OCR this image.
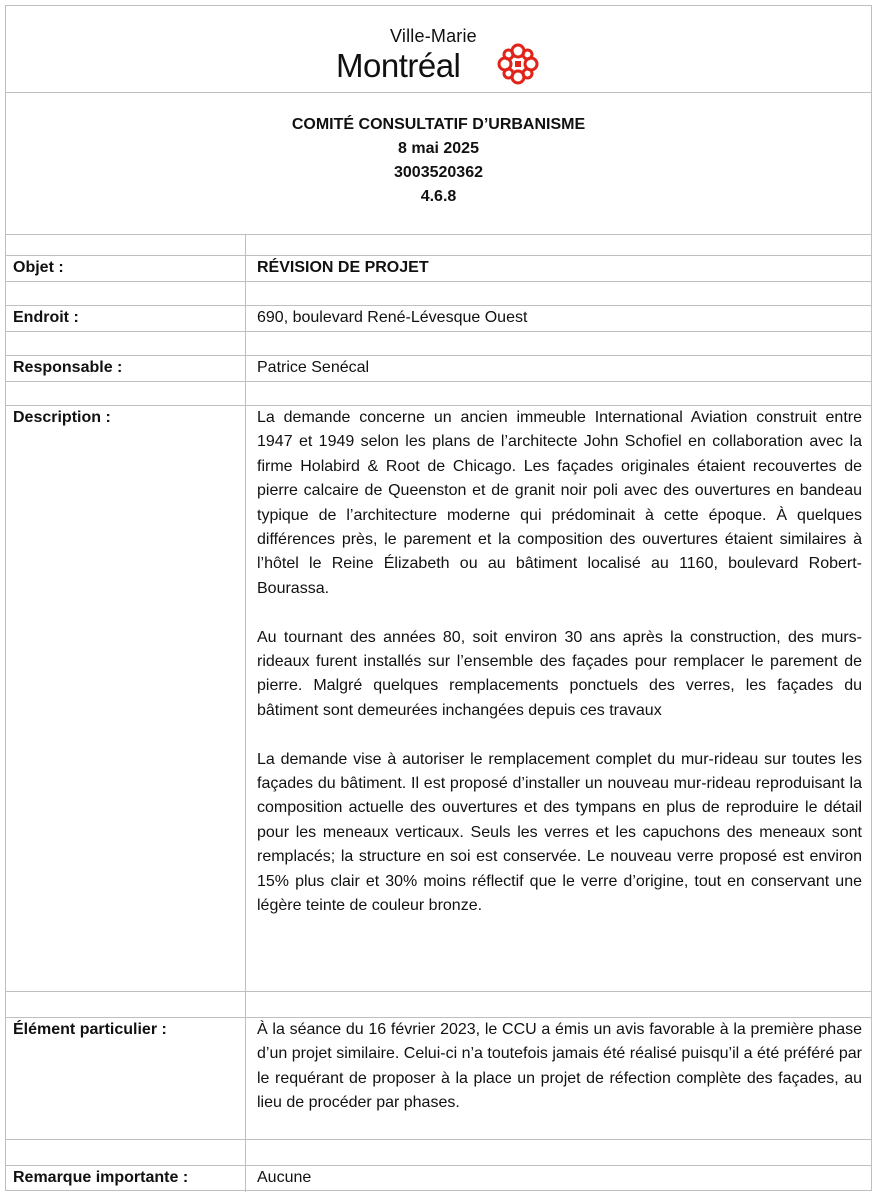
Ville-Marie
Montréal
COMITÉ CONSULTATIF D’URBANISME
8 mai 2025
3003520362
4.6.8
Objet :	RÉVISION DE PROJET
Endroit :	690, boulevard René-Lévesque Ouest
Responsable :	Patrice Senécal
Description :	La demande concerne un ancien immeuble International Aviation construit entre 1947 et 1949 selon les plans de l’architecte John Schofiel en collaboration avec la firme Holabird & Root de Chicago. Les façades originales étaient recouvertes de pierre calcaire de Queenston et de granit noir poli avec des ouvertures en bandeau typique de l’architecture moderne qui prédominait à cette époque. À quelques différences près, le parement et la composition des ouvertures étaient similaires à l’hôtel le Reine Élizabeth ou au bâtiment localisé au 1160, boulevard Robert-Bourassa.

Au tournant des années 80, soit environ 30 ans après la construction, des murs-rideaux furent installés sur l’ensemble des façades pour remplacer le parement de pierre. Malgré quelques remplacements ponctuels des verres, les façades du bâtiment sont demeurées inchangées depuis ces travaux

La demande vise à autoriser le remplacement complet du mur-rideau sur toutes les façades du bâtiment. Il est proposé d’installer un nouveau mur-rideau reproduisant la composition actuelle des ouvertures et des tympans en plus de reproduire le détail pour les meneaux verticaux. Seuls les verres et les capuchons des meneaux sont remplacés; la structure en soi est conservée. Le nouveau verre proposé est environ 15% plus clair et 30% moins réflectif que le verre d’origine, tout en conservant une légère teinte de couleur bronze.

Élément particulier :	À la séance du 16 février 2023, le CCU a émis un avis favorable à la première phase d’un projet similaire. Celui-ci n’a toutefois jamais été réalisé puisqu’il a été préféré par le requérant de proposer à la place un projet de réfection complète des façades, au lieu de procéder par phases.

Remarque importante :	Aucune
